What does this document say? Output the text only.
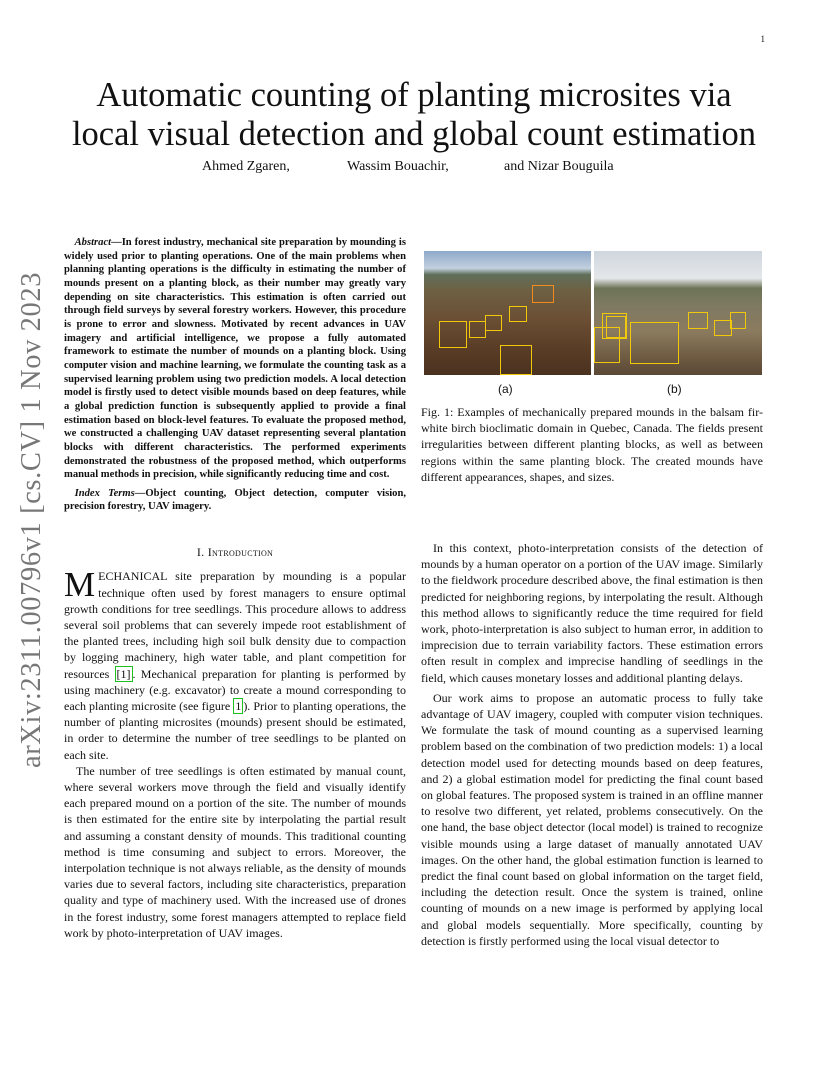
1
arXiv:2311.00796v1 [cs.CV] 1 Nov 2023
Automatic counting of planting microsites via local visual detection and global count estimation
Ahmed Zgaren,	Wassim Bouachir,	and Nizar Bouguila

Abstract—In forest industry, mechanical site preparation by mounding is widely used prior to planting operations. One of the main problems when planning planting operations is the difficulty in estimating the number of mounds present on a planting block, as their number may greatly vary depending on site characteristics. This estimation is often carried out through field surveys by several forestry workers. However, this procedure is prone to error and slowness. Motivated by recent advances in UAV imagery and artificial intelligence, we propose a fully automated framework to estimate the number of mounds on a planting block. Using computer vision and machine learning, we formulate the counting task as a supervised learning problem using two prediction models. A local detection model is firstly used to detect visible mounds based on deep features, while a global prediction function is subsequently applied to provide a final estimation based on block-level features. To evaluate the proposed method, we constructed a challenging UAV dataset representing several plantation blocks with different characteristics. The performed experiments demonstrated the robustness of the proposed method, which outperforms manual methods in precision, while significantly reducing time and cost.

Index Terms—Object counting, Object detection, computer vision, precision forestry, UAV imagery.

I. Introduction

MECHANICAL site preparation by mounding is a popular technique often used by forest managers to ensure optimal growth conditions for tree seedlings. This procedure allows to address several soil problems that can severely impede root establishment of the planted trees, including high soil bulk density due to compaction by logging machinery, high water table, and plant competition for resources [1] . Mechanical preparation for planting is performed by using machinery (e.g. excavator) to create a mound corresponding to each planting microsite (see figure 1 ). Prior to planting operations, the number of planting microsites (mounds) present should be estimated, in order to determine the number of tree seedlings to be planted on each site.

The number of tree seedlings is often estimated by manual count, where several workers move through the field and visually identify each prepared mound on a portion of the site. The number of mounds is then estimated for the entire site by interpolating the partial result and assuming a constant density of mounds. This traditional counting method is time consuming and subject to errors. Moreover, the interpolation technique is not always reliable, as the density of mounds varies due to several factors, including site characteristics, preparation quality and type of machinery used. With the increased use of drones in the forest industry, some forest managers attempted to replace field work by photo-interpretation of UAV images.

(a)	(b)
Fig. 1: Examples of mechanically prepared mounds in the balsam fir-white birch bioclimatic domain in Quebec, Canada. The fields present irregularities between different planting blocks, as well as between regions within the same planting block. The created mounds have different appearances, shapes, and sizes.

In this context, photo-interpretation consists of the detection of mounds by a human operator on a portion of the UAV image. Similarly to the fieldwork procedure described above, the final estimation is then predicted for neighboring regions, by interpolating the result. Although this method allows to significantly reduce the time required for field work, photo-interpretation is also subject to human error, in addition to imprecision due to terrain variability factors. These estimation errors often result in complex and imprecise handling of seedlings in the field, which causes monetary losses and additional planting delays.

Our work aims to propose an automatic process to fully take advantage of UAV imagery, coupled with computer vision techniques. We formulate the task of mound counting as a supervised learning problem based on the combination of two prediction models: 1) a local detection model used for detecting mounds based on deep features, and 2) a global estimation model for predicting the final count based on global features. The proposed system is trained in an offline manner to resolve two different, yet related, problems consecutively. On the one hand, the base object detector (local model) is trained to recognize visible mounds using a large dataset of manually annotated UAV images. On the other hand, the global estimation function is learned to predict the final count based on global information on the target field, including the detection result. Once the system is trained, online counting of mounds on a new image is performed by applying local and global models sequentially. More specifically, counting by detection is firstly performed using the local visual detector to
